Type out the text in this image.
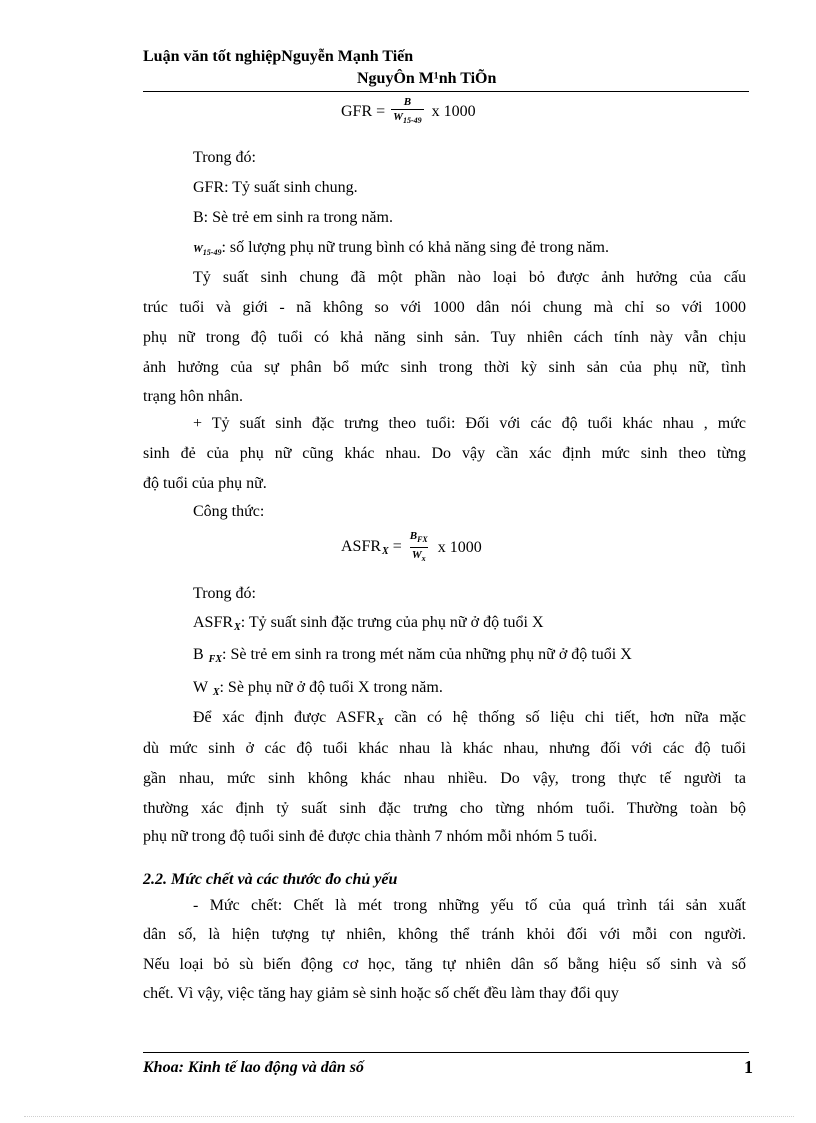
Luận văn tốt nghiệpNguyễn Mạnh Tiến
NguyÔn M¹nh TiÕn
GFR = $\frac{B}{W_{15-49}}$ x 1000
Trong đó:
GFR: Tỷ suất sinh chung.
B: Sè trẻ em sinh ra trong năm.
$W_{15-49}$: số lượng phụ nữ trung bình có khả năng sing đẻ trong năm.
Tỷ suất sinh chung đã một phần nào loại bỏ được ảnh hưởng của cấu
trúc tuổi và giới - nã không so với 1000 dân nói chung mà chỉ so với 1000
phụ nữ trong độ tuổi có khả năng sinh sản. Tuy nhiên cách tính này vẫn chịu
ảnh hưởng của sự phân bổ mức sinh trong thời kỳ sinh sản của phụ nữ, tình
trạng hôn nhân.
+ Tỷ suất sinh đặc trưng theo tuổi: Đối với các độ tuổi khác nhau , mức
sinh đẻ của phụ nữ cũng khác nhau. Do vậy cần xác định mức sinh theo từng
độ tuổi của phụ nữ.
Công thức:
ASFRX = $\frac{B_{FX}}{W_x}$ x 1000
Trong đó:
ASFRX: Tỷ suất sinh đặc trưng của phụ nữ ở độ tuổi X
B FX: Sè trẻ em sinh ra trong mét năm của những phụ nữ ở độ tuổi X
W X: Sè phụ nữ ở độ tuổi X trong năm.
Để xác định được ASFRX cần có hệ thống số liệu chi tiết, hơn nữa mặc
dù mức sinh ở các độ tuổi khác nhau là khác nhau, nhưng đối với các độ tuổi
gần nhau, mức sinh không khác nhau nhiều. Do vậy, trong thực tế người ta
thường xác định tỷ suất sinh đặc trưng cho từng nhóm tuổi. Thường toàn bộ
phụ nữ trong độ tuổi sinh đẻ được chia thành 7 nhóm mỗi nhóm 5 tuổi.
2.2. Mức chết và các thước đo chủ yếu
- Mức chết: Chết là mét trong những yếu tố của quá trình tái sản xuất
dân số, là hiện tượng tự nhiên, không thể tránh khỏi đối với mỗi con người.
Nếu loại bỏ sù biến động cơ học, tăng tự nhiên dân số bằng hiệu số sinh và số
chết. Vì vậy, việc tăng hay giảm sè sinh hoặc số chết đều làm thay đổi quy
Khoa: Kinh tế lao động và dân số	1
